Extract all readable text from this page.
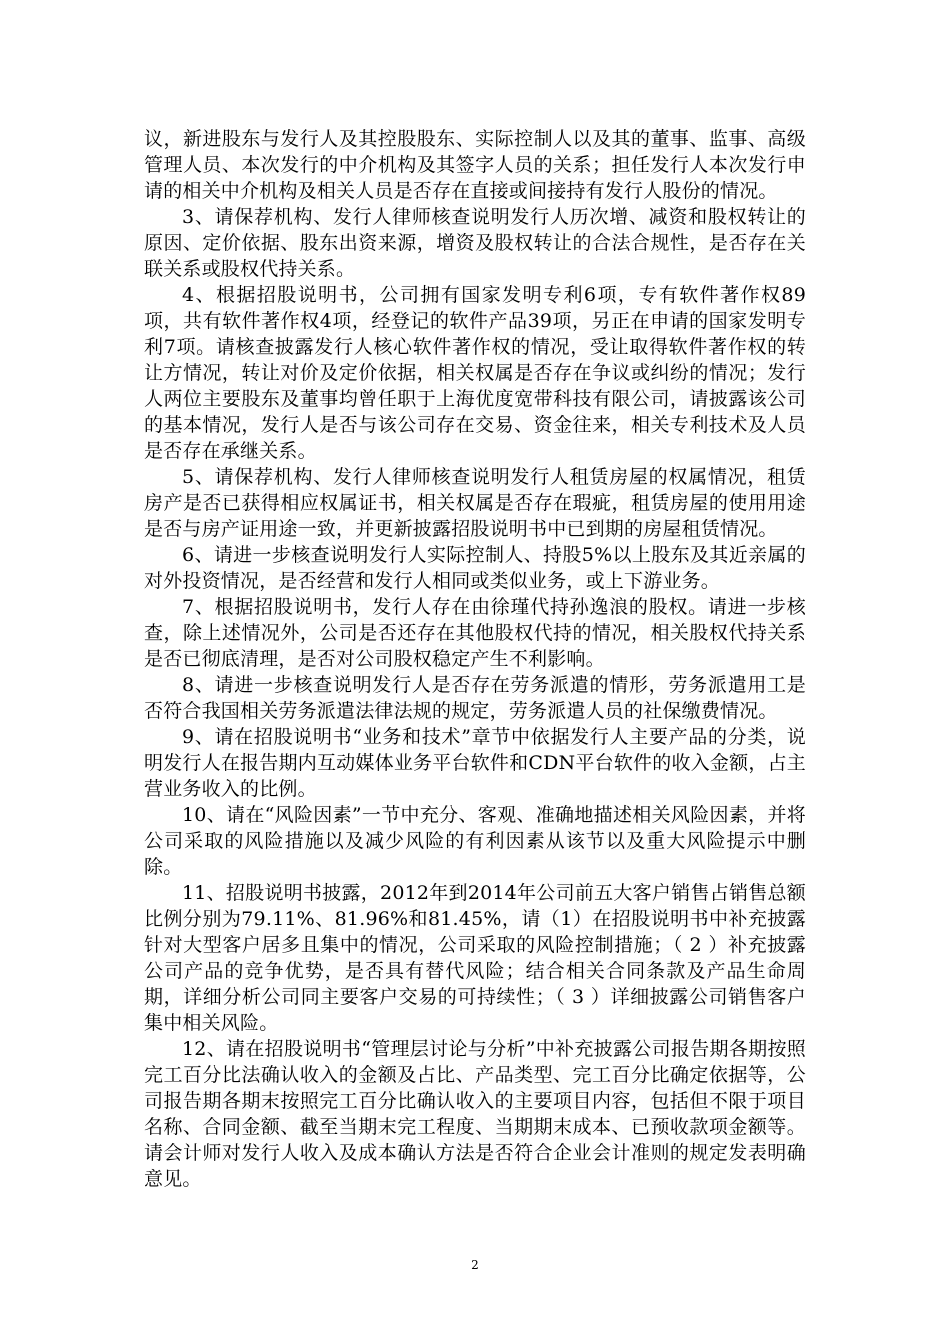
议，新进股东与发行人及其控股股东、实际控制人以及其的董事、监事、高级管理人员、本次发行的中介机构及其签字人员的关系；担任发行人本次发行申请的相关中介机构及相关人员是否存在直接或间接持有发行人股份的情况。

3、请保荐机构、发行人律师核查说明发行人历次增、减资和股权转让的原因、定价依据、股东出资来源，增资及股权转让的合法合规性，是否存在关联关系或股权代持关系。

4、根据招股说明书，公司拥有国家发明专利6项，专有软件著作权89项，共有软件著作权4项，经登记的软件产品39项，另正在申请的国家发明专利7项。请核查披露发行人核心软件著作权的情况，受让取得软件著作权的转让方情况，转让对价及定价依据，相关权属是否存在争议或纠纷的情况；发行人两位主要股东及董事均曾任职于上海优度宽带科技有限公司，请披露该公司的基本情况，发行人是否与该公司存在交易、资金往来，相关专利技术及人员是否存在承继关系。

5、请保荐机构、发行人律师核查说明发行人租赁房屋的权属情况，租赁房产是否已获得相应权属证书，相关权属是否存在瑕疵，租赁房屋的使用用途是否与房产证用途一致，并更新披露招股说明书中已到期的房屋租赁情况。

6、请进一步核查说明发行人实际控制人、持股5%以上股东及其近亲属的对外投资情况，是否经营和发行人相同或类似业务，或上下游业务。

7、根据招股说明书，发行人存在由徐瑾代持孙逸浪的股权。请进一步核查，除上述情况外，公司是否还存在其他股权代持的情况，相关股权代持关系是否已彻底清理，是否对公司股权稳定产生不利影响。

8、请进一步核查说明发行人是否存在劳务派遣的情形，劳务派遣用工是否符合我国相关劳务派遣法律法规的规定，劳务派遣人员的社保缴费情况。

9、请在招股说明书“业务和技术”章节中依据发行人主要产品的分类，说明发行人在报告期内互动媒体业务平台软件和CDN平台软件的收入金额，占主营业务收入的比例。

10、请在“风险因素”一节中充分、客观、准确地描述相关风险因素，并将公司采取的风险措施以及减少风险的有利因素从该节以及重大风险提示中删除。

11、招股说明书披露，2012年到2014年公司前五大客户销售占销售总额比例分别为79.11%、81.96%和81.45%，请（1）在招股说明书中补充披露针对大型客户居多且集中的情况，公司采取的风险控制措施；（ 2 ）补充披露公司产品的竞争优势，是否具有替代风险；结合相关合同条款及产品生命周期，详细分析公司同主要客户交易的可持续性；（ 3 ）详细披露公司销售客户集中相关风险。

12、请在招股说明书“管理层讨论与分析”中补充披露公司报告期各期按照完工百分比法确认收入的金额及占比、产品类型、完工百分比确定依据等，公司报告期各期末按照完工百分比确认收入的主要项目内容，包括但不限于项目名称、合同金额、截至当期末完工程度、当期期末成本、已预收款项金额等。请会计师对发行人收入及成本确认方法是否符合企业会计准则的规定发表明确意见。

2
